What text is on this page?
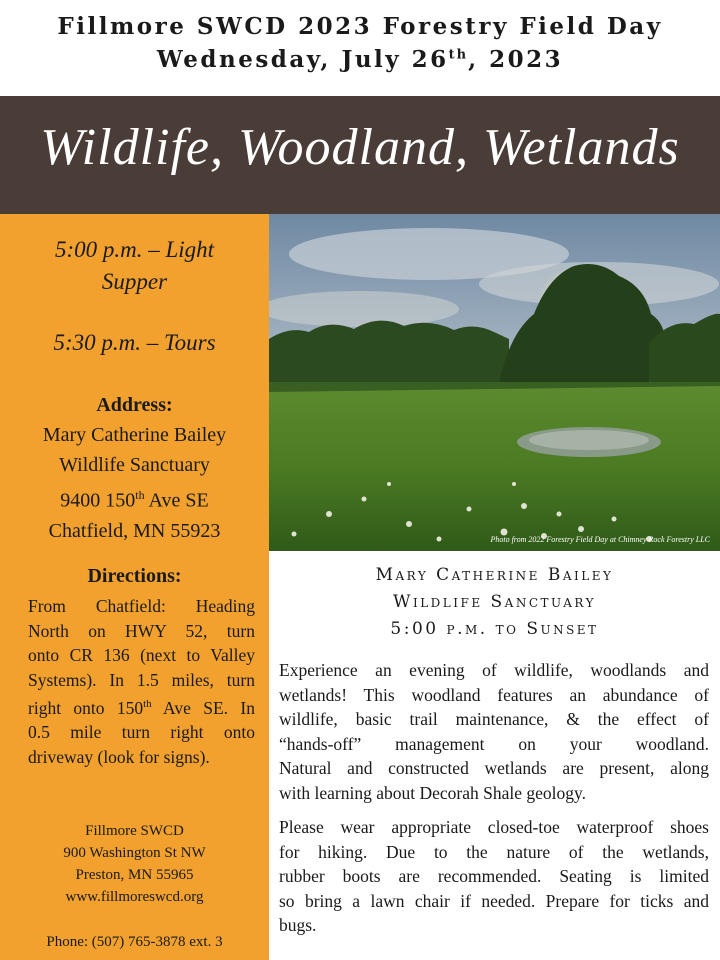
Fillmore SWCD 2023 Forestry Field Day
Wednesday, July 26th, 2023
Wildlife, Woodland, Wetlands
5:00 p.m. – Light Supper
5:30 p.m. – Tours
Address:
Mary Catherine Bailey
Wildlife Sanctuary
9400 150th Ave SE
Chatfield, MN 55923
Directions:
From Chatfield: Heading
North on HWY 52, turn
onto CR 136 (next to Valley
Systems). In 1.5 miles, turn
right onto 150th Ave SE. In
0.5 mile turn right onto
driveway (look for signs).
Fillmore SWCD
900 Washington St NW
Preston, MN 55965
www.fillmoreswcd.org
Phone: (507) 765-3878 ext. 3
Photo from 2022 Forestry Field Day at Chimney Rock Forestry LLC
Mary Catherine Bailey
Wildlife Sanctuary
5:00 p.m. to Sunset
Experience an evening of wildlife, woodlands and
wetlands! This woodland features an abundance of
wildlife, basic trail maintenance, & the effect of
“hands-off” management on your woodland.
Natural and constructed wetlands are present, along
with learning about Decorah Shale geology.
Please wear appropriate closed-toe waterproof shoes
for hiking. Due to the nature of the wetlands,
rubber boots are recommended. Seating is limited
so bring a lawn chair if needed. Prepare for ticks and
bugs.
